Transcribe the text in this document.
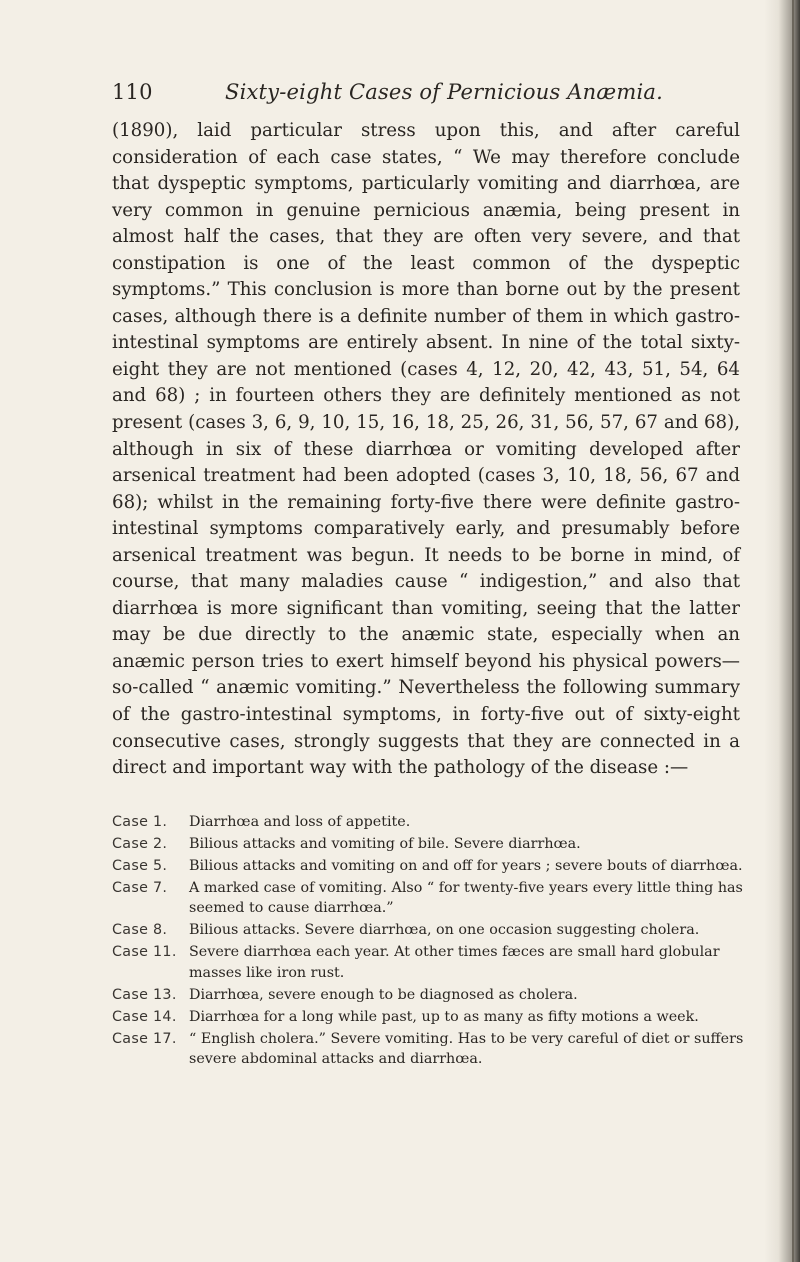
110	Sixty-eight Cases of Pernicious Anæmia.
(1890), laid particular stress upon this, and after careful consideration of each case states, “ We may therefore conclude that dyspeptic symptoms, particularly vomiting and diarrhœa, are very common in genuine pernicious anæmia, being present in almost half the cases, that they are often very severe, and that constipation is one of the least common of the dyspeptic symptoms.” This conclusion is more than borne out by the present cases, although there is a definite number of them in which gastro-intestinal symptoms are entirely absent. In nine of the total sixty-eight they are not mentioned (cases 4, 12, 20, 42, 43, 51, 54, 64 and 68) ; in fourteen others they are definitely mentioned as not present (cases 3, 6, 9, 10, 15, 16, 18, 25, 26, 31, 56, 57, 67 and 68), although in six of these diarrhœa or vomiting developed after arsenical treatment had been adopted (cases 3, 10, 18, 56, 67 and 68); whilst in the remaining forty-five there were definite gastro-intestinal symptoms comparatively early, and presumably before arsenical treatment was begun. It needs to be borne in mind, of course, that many maladies cause “ indigestion,” and also that diarrhœa is more significant than vomiting, seeing that the latter may be due directly to the anæmic state, especially when an anæmic person tries to exert himself beyond his physical powers—so-called “ anæmic vomiting.” Nevertheless the following summary of the gastro-intestinal symptoms, in forty-five out of sixty-eight consecutive cases, strongly suggests that they are connected in a direct and important way with the pathology of the disease :—
Case 1.	Diarrhœa and loss of appetite.
Case 2.	Bilious attacks and vomiting of bile. Severe diarrhœa.
Case 5.	Bilious attacks and vomiting on and off for years ; severe bouts of diarrhœa.
Case 7.	A marked case of vomiting. Also “ for twenty-five years every little thing has seemed to cause diarrhœa.”
Case 8.	Bilious attacks. Severe diarrhœa, on one occasion suggesting cholera.
Case 11. Severe diarrhœa each year. At other times fæces are small hard globular masses like iron rust.
Case 13. Diarrhœa, severe enough to be diagnosed as cholera.
Case 14. Diarrhœa for a long while past, up to as many as fifty motions a week.
Case 17. “ English cholera.” Severe vomiting. Has to be very careful of diet or suffers severe abdominal attacks and diarrhœa.
